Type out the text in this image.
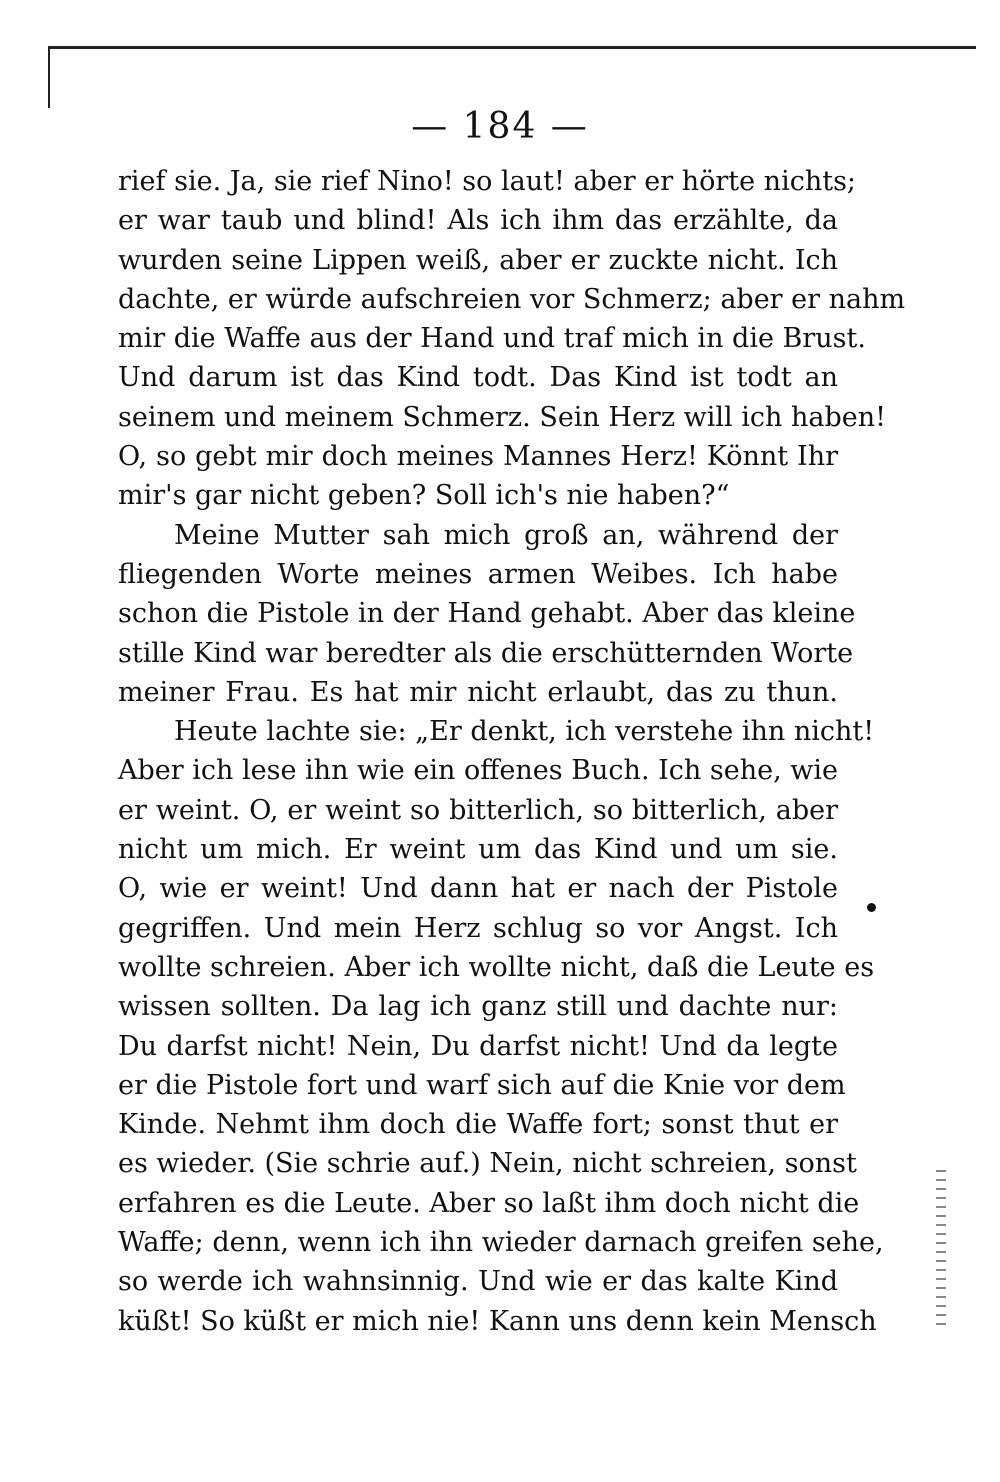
— 184 —
rief sie. Ja, sie rief Nino! so laut! aber er hörte nichts;
er war taub und blind! Als ich ihm das erzählte, da
wurden seine Lippen weiß, aber er zuckte nicht. Ich
dachte, er würde aufschreien vor Schmerz; aber er nahm
mir die Waffe aus der Hand und traf mich in die Brust.
Und darum ist das Kind todt. Das Kind ist todt an
seinem und meinem Schmerz. Sein Herz will ich haben!
O, so gebt mir doch meines Mannes Herz! Könnt Ihr
mir's gar nicht geben? Soll ich's nie haben?“
Meine Mutter sah mich groß an, während der
fliegenden Worte meines armen Weibes. Ich habe
schon die Pistole in der Hand gehabt. Aber das kleine
stille Kind war beredter als die erschütternden Worte
meiner Frau. Es hat mir nicht erlaubt, das zu thun.
Heute lachte sie: „Er denkt, ich verstehe ihn nicht!
Aber ich lese ihn wie ein offenes Buch. Ich sehe, wie
er weint. O, er weint so bitterlich, so bitterlich, aber
nicht um mich. Er weint um das Kind und um sie.
O, wie er weint! Und dann hat er nach der Pistole
gegriffen. Und mein Herz schlug so vor Angst. Ich
wollte schreien. Aber ich wollte nicht, daß die Leute es
wissen sollten. Da lag ich ganz still und dachte nur:
Du darfst nicht! Nein, Du darfst nicht! Und da legte
er die Pistole fort und warf sich auf die Knie vor dem
Kinde. Nehmt ihm doch die Waffe fort; sonst thut er
es wieder. (Sie schrie auf.) Nein, nicht schreien, sonst
erfahren es die Leute. Aber so laßt ihm doch nicht die
Waffe; denn, wenn ich ihn wieder darnach greifen sehe,
so werde ich wahnsinnig. Und wie er das kalte Kind
küßt! So küßt er mich nie! Kann uns denn kein Mensch
